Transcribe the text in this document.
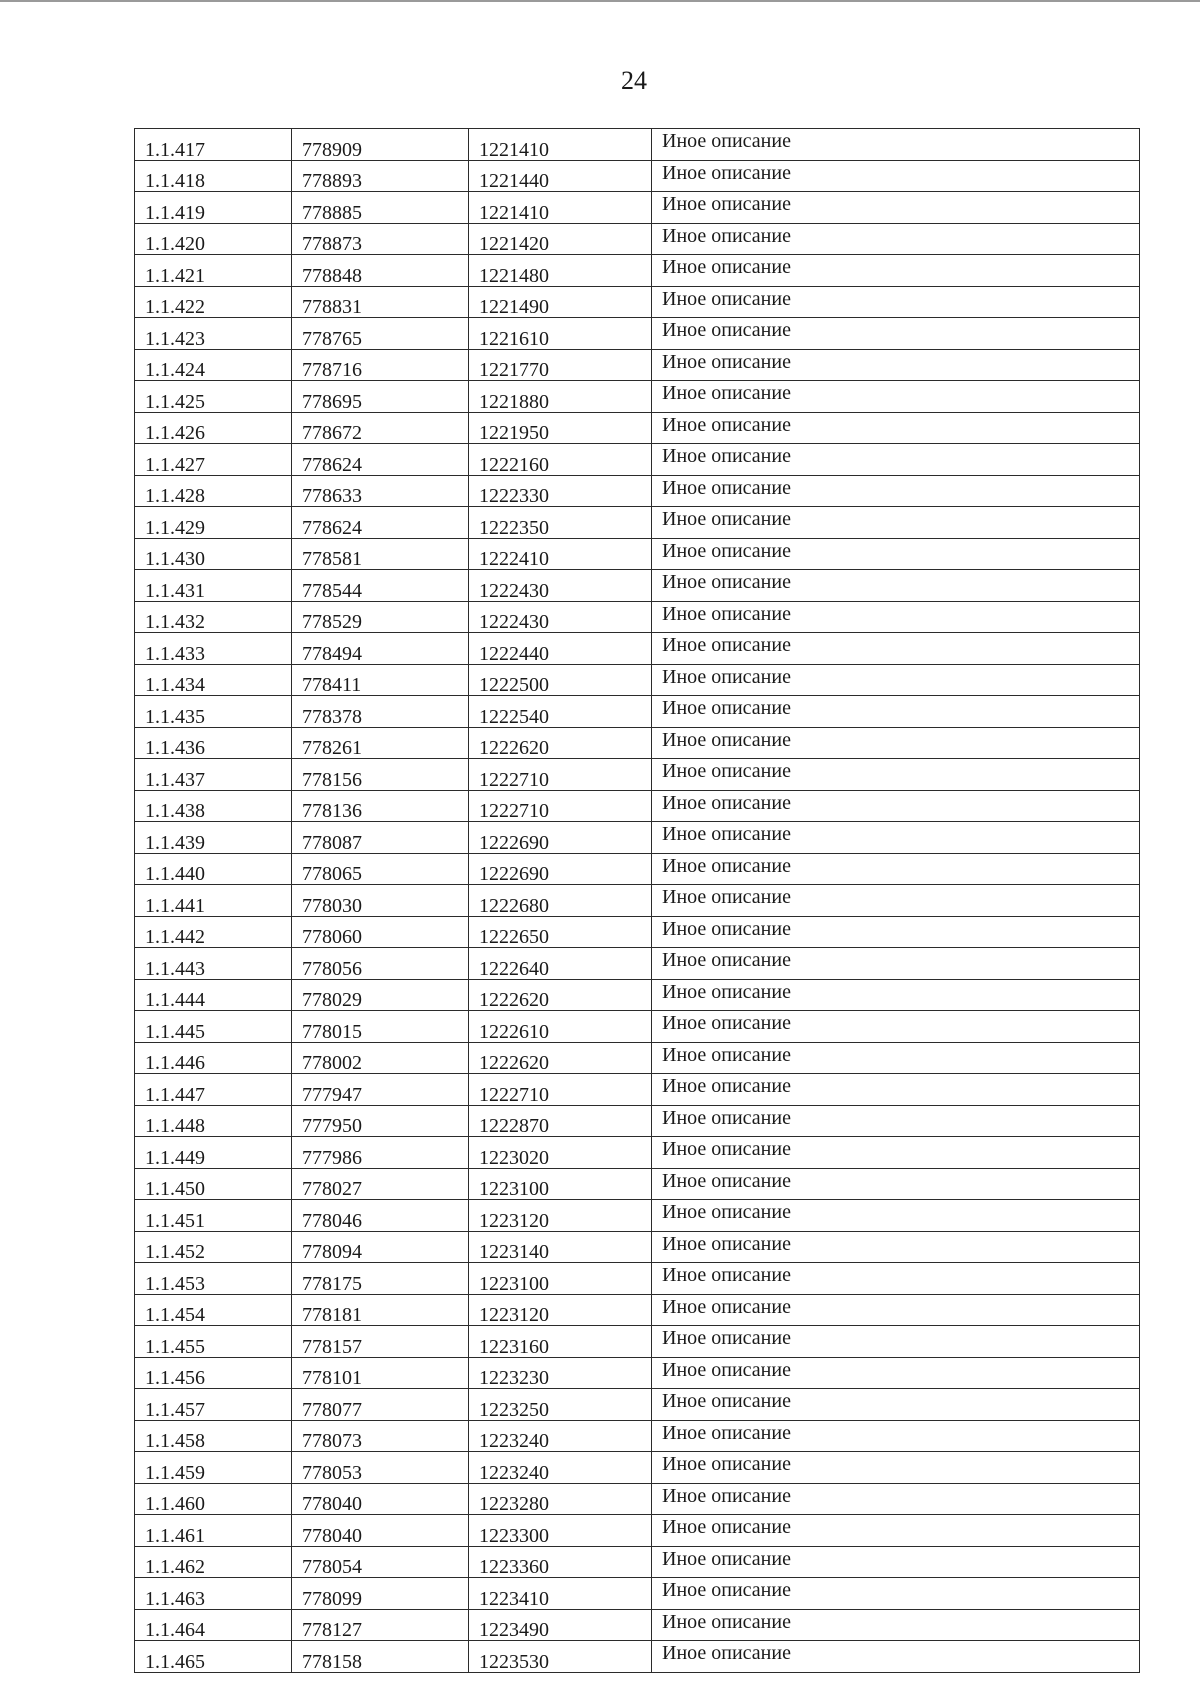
24
1.1.417	778909	1221410	Иное описание
1.1.418	778893	1221440	Иное описание
1.1.419	778885	1221410	Иное описание
1.1.420	778873	1221420	Иное описание
1.1.421	778848	1221480	Иное описание
1.1.422	778831	1221490	Иное описание
1.1.423	778765	1221610	Иное описание
1.1.424	778716	1221770	Иное описание
1.1.425	778695	1221880	Иное описание
1.1.426	778672	1221950	Иное описание
1.1.427	778624	1222160	Иное описание
1.1.428	778633	1222330	Иное описание
1.1.429	778624	1222350	Иное описание
1.1.430	778581	1222410	Иное описание
1.1.431	778544	1222430	Иное описание
1.1.432	778529	1222430	Иное описание
1.1.433	778494	1222440	Иное описание
1.1.434	778411	1222500	Иное описание
1.1.435	778378	1222540	Иное описание
1.1.436	778261	1222620	Иное описание
1.1.437	778156	1222710	Иное описание
1.1.438	778136	1222710	Иное описание
1.1.439	778087	1222690	Иное описание
1.1.440	778065	1222690	Иное описание
1.1.441	778030	1222680	Иное описание
1.1.442	778060	1222650	Иное описание
1.1.443	778056	1222640	Иное описание
1.1.444	778029	1222620	Иное описание
1.1.445	778015	1222610	Иное описание
1.1.446	778002	1222620	Иное описание
1.1.447	777947	1222710	Иное описание
1.1.448	777950	1222870	Иное описание
1.1.449	777986	1223020	Иное описание
1.1.450	778027	1223100	Иное описание
1.1.451	778046	1223120	Иное описание
1.1.452	778094	1223140	Иное описание
1.1.453	778175	1223100	Иное описание
1.1.454	778181	1223120	Иное описание
1.1.455	778157	1223160	Иное описание
1.1.456	778101	1223230	Иное описание
1.1.457	778077	1223250	Иное описание
1.1.458	778073	1223240	Иное описание
1.1.459	778053	1223240	Иное описание
1.1.460	778040	1223280	Иное описание
1.1.461	778040	1223300	Иное описание
1.1.462	778054	1223360	Иное описание
1.1.463	778099	1223410	Иное описание
1.1.464	778127	1223490	Иное описание
1.1.465	778158	1223530	Иное описание
